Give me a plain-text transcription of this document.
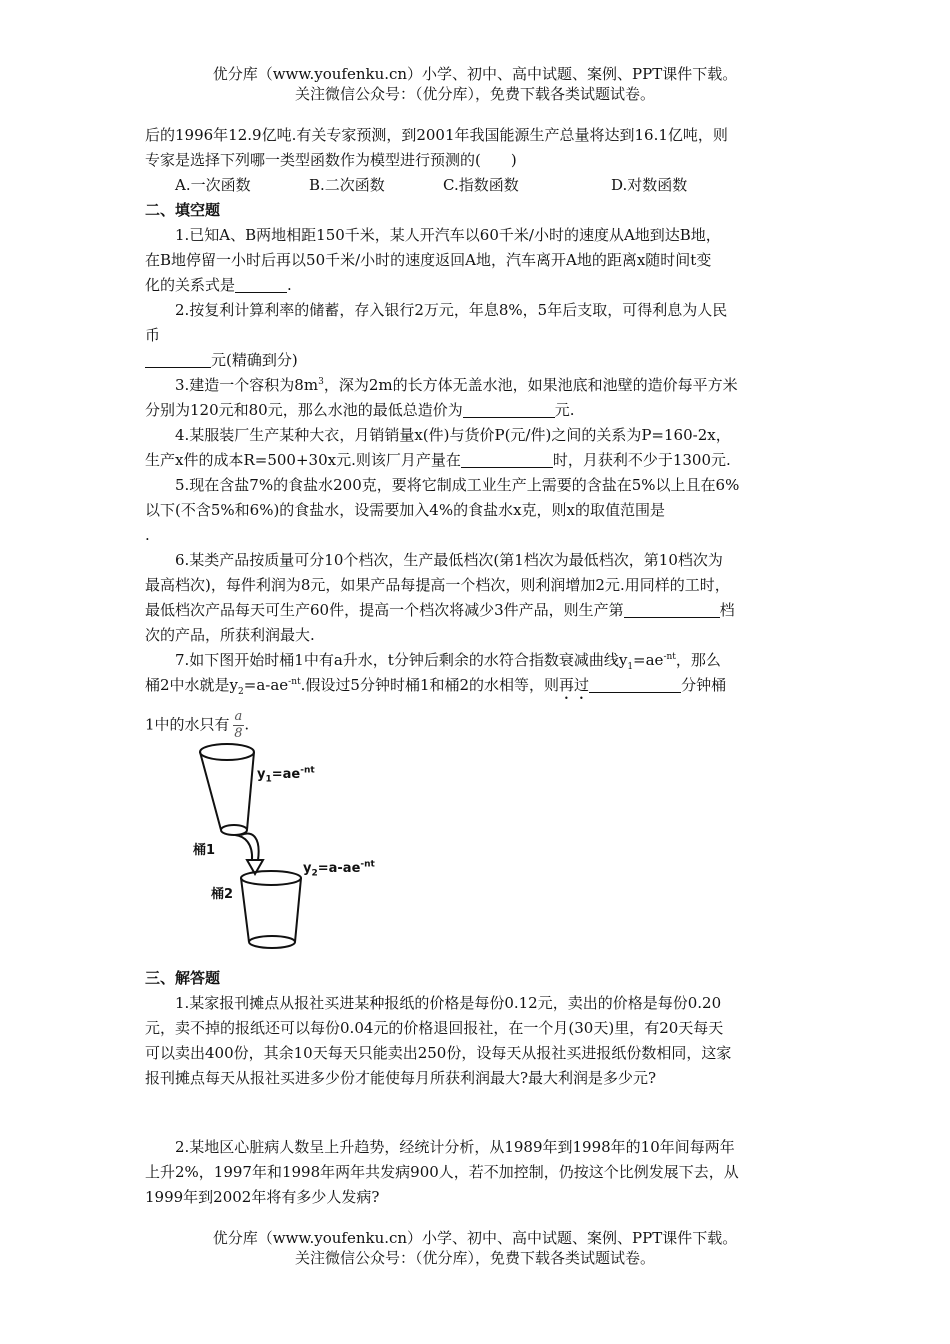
优分库（www.youfenku.cn）小学、初中、高中试题、案例、PPT课件下载。

关注微信公众号：（优分库），免费下载各类试题试卷。

后的1996年12.9亿吨.有关专家预测，到2001年我国能源生产总量将达到16.1亿吨，则

专家是选择下列哪一类型函数作为模型进行预测的(　　)

A.一次函数	B.二次函数	C.指数函数	D.对数函数

二、填空题

1.已知A、B两地相距150千米，某人开汽车以60千米/小时的速度从A地到达B地，

在B地停留一小时后再以50千米/小时的速度返回A地，汽车离开A地的距离x随时间t变

化的关系式是	.

2.按复利计算利率的储蓄，存入银行2万元，年息8%，5年后支取，可得利息为人民

币

元(精确到分)

3.建造一个容积为$8m^3$，深为2m的长方体无盖水池，如果池底和池壁的造价每平方米

分别为120元和80元，那么水池的最低总造价为	元.

4.某服装厂生产某种大衣，月销销量x(件)与货价P(元/件)之间的关系为P=160-2x，

生产x件的成本R=500+30x元.则该厂月产量在	时，月获利不少于1300元.

5.现在含盐7%的食盐水200克，要将它制成工业生产上需要的含盐在5%以上且在6%

以下(不含5%和6%)的食盐水，设需要加入4%的食盐水x克，则x的取值范围是

.

6.某类产品按质量可分10个档次，生产最低档次(第1档次为最低档次，第10档次为

最高档次)，每件利润为8元，如果产品每提高一个档次，则利润增加2元.用同样的工时，

最低档次产品每天可生产60件，提高一个档次将减少3件产品，则生产第	档

次的产品，所获利润最大.

7.如下图开始时桶1中有a升水，t分钟后剩余的水符合指数衰减曲线$y_1=ae^{-nt}$，那么

桶2中水就是$y_2=a-ae^{-nt}$.假设过5分钟时桶1和桶2的水相等，则再过	分钟桶

1中的水只有 $\frac{a}{8}$ .

$y_1=ae^{-nt}$
$y_2=a-ae^{-nt}$
桶1
桶2

三、解答题

1.某家报刊摊点从报社买进某种报纸的价格是每份0.12元，卖出的价格是每份0.20

元，卖不掉的报纸还可以每份0.04元的价格退回报社，在一个月(30天)里，有20天每天

可以卖出400份，其余10天每天只能卖出250份，设每天从报社买进报纸份数相同，这家

报刊摊点每天从报社买进多少份才能使每月所获利润最大?最大利润是多少元?

2.某地区心脏病人数呈上升趋势，经统计分析，从1989年到1998年的10年间每两年

上升2%，1997年和1998年两年共发病900人，若不加控制，仍按这个比例发展下去，从

1999年到2002年将有多少人发病?

优分库（www.youfenku.cn）小学、初中、高中试题、案例、PPT课件下载。

关注微信公众号：（优分库），免费下载各类试题试卷。
